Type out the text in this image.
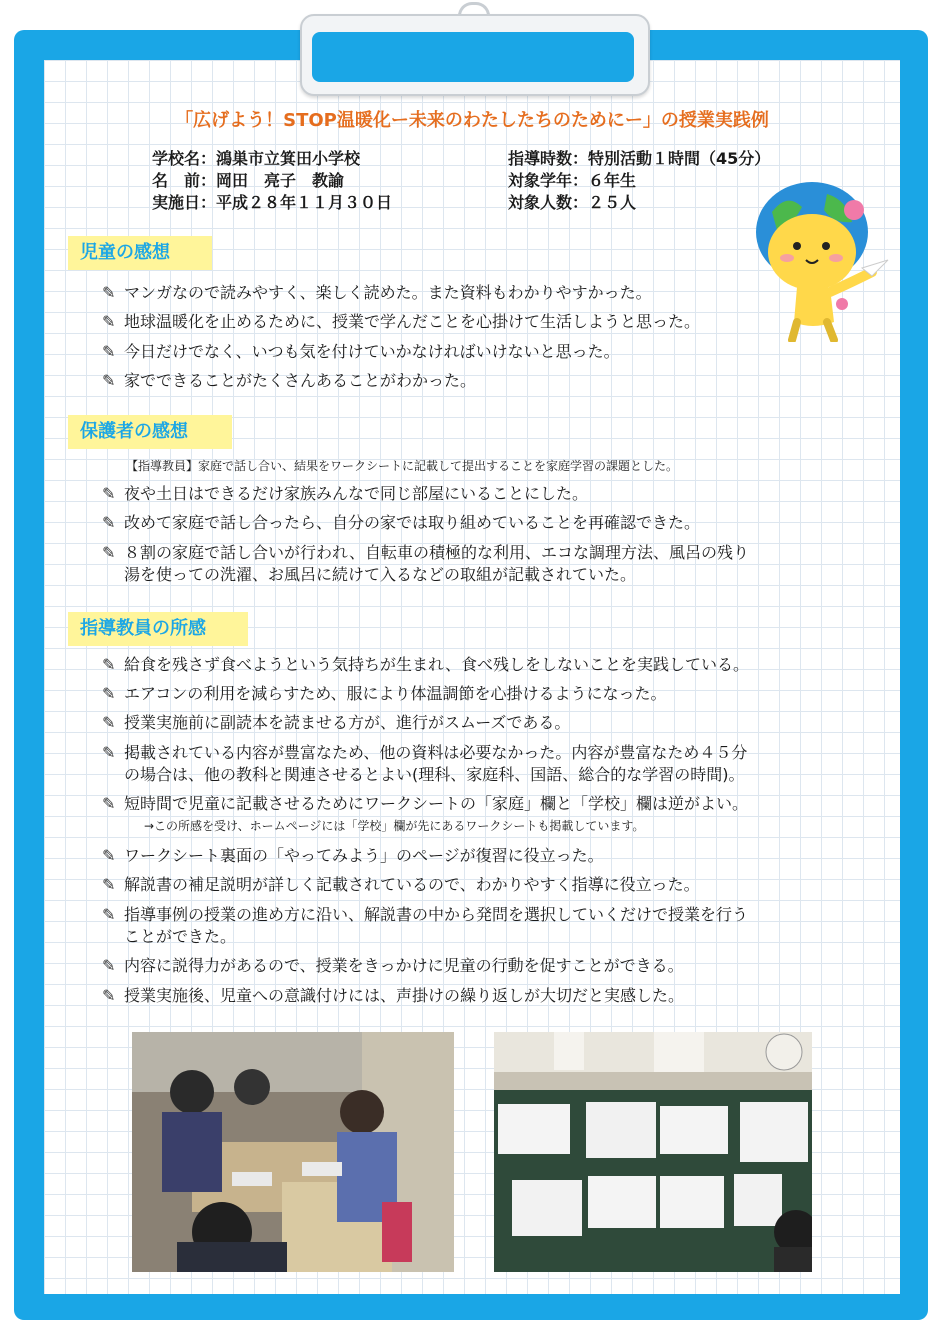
「広げよう！STOP温暖化ー未来のわたしたちのためにー」の授業実践例
学校名：鴻巣市立箕田小学校
名　前：岡田　亮子　教諭
実施日：平成２８年１１月３０日
指導時数：特別活動１時間（45分）
対象学年：６年生
対象人数：２５人
児童の感想
✎ マンガなので読みやすく、楽しく読めた。また資料もわかりやすかった。
✎ 地球温暖化を止めるために、授業で学んだことを心掛けて生活しようと思った。
✎ 今日だけでなく、いつも気を付けていかなければいけないと思った。
✎ 家でできることがたくさんあることがわかった。
保護者の感想
【指導教員】家庭で話し合い、結果をワークシートに記載して提出することを家庭学習の課題とした。
✎ 夜や土日はできるだけ家族みんなで同じ部屋にいることにした。
✎ 改めて家庭で話し合ったら、自分の家では取り組めていることを再確認できた。
✎ ８割の家庭で話し合いが行われ、自転車の積極的な利用、エコな調理方法、風呂の残り
湯を使っての洗濯、お風呂に続けて入るなどの取組が記載されていた。
指導教員の所感
✎ 給食を残さず食べようという気持ちが生まれ、食べ残しをしないことを実践している。
✎ エアコンの利用を減らすため、服により体温調節を心掛けるようになった。
✎ 授業実施前に副読本を読ませる方が、進行がスムーズである。
✎ 掲載されている内容が豊富なため、他の資料は必要なかった。内容が豊富なため４５分
の場合は、他の教科と関連させるとよい(理科、家庭科、国語、総合的な学習の時間)。
✎ 短時間で児童に記載させるためにワークシートの「家庭」欄と「学校」欄は逆がよい。
→この所感を受け、ホームページには「学校」欄が先にあるワークシートも掲載しています。
✎ ワークシート裏面の「やってみよう」のページが復習に役立った。
✎ 解説書の補足説明が詳しく記載されているので、わかりやすく指導に役立った。
✎ 指導事例の授業の進め方に沿い、解説書の中から発問を選択していくだけで授業を行う
ことができた。
✎ 内容に説得力があるので、授業をきっかけに児童の行動を促すことができる。
✎ 授業実施後、児童への意識付けには、声掛けの繰り返しが大切だと実感した。
